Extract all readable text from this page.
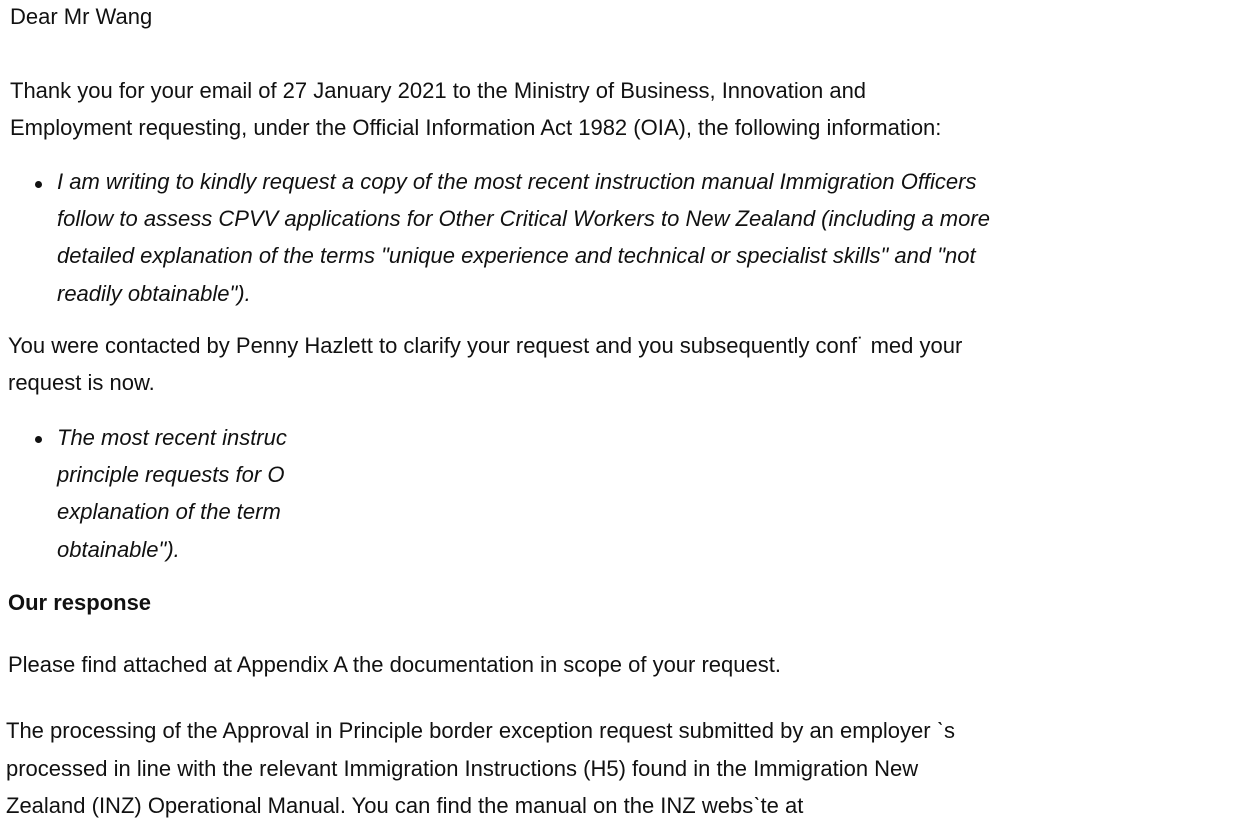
Dear Mr Wang
Thank you for your email of 27 January 2021 to the Ministry of Business, Innovation and
Employment requesting, under the Official Information Act 1982 (OIA), the following information:
I am writing to kindly request a copy of the most recent instruction manual Immigration Officers
follow to assess CPVV applications for Other Critical Workers to New Zealand (including a more
detailed explanation of the terms "unique experience and technical or specialist skills" and "not
readily obtainable").
You were contacted by Penny Hazlett to clarify your request and you subsequently conf˙ med your
request is now.
The most recent instruc
principle requests for O
explanation of the term
obtainable").
Our response
Please find attached at Appendix A the documentation in scope of your request.
The processing of the Approval in Principle border exception request submitted by an employer ˋs
processed in line with the relevant Immigration Instructions (H5) found in the Immigration New
Zealand (INZ) Operational Manual. You can find the manual on the INZ websˋte at
